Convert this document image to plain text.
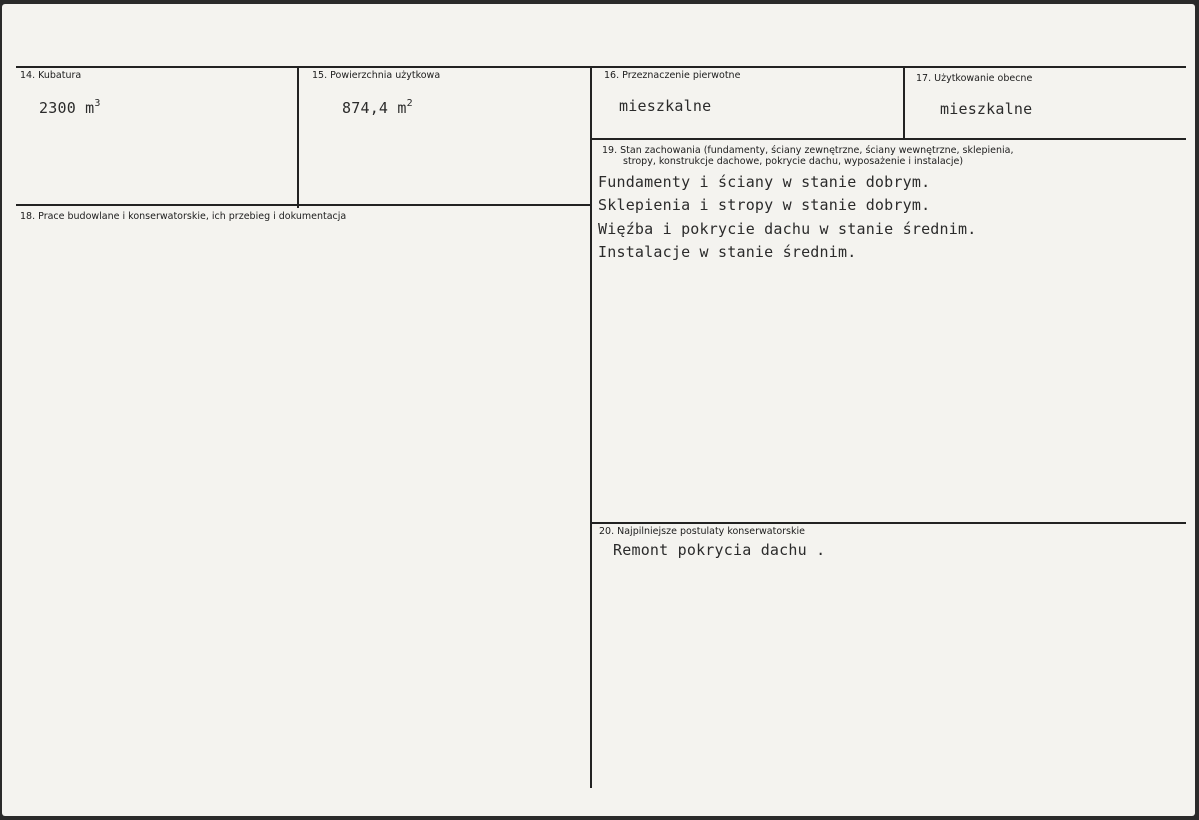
14. Kubatura
2300 $m^3$
15. Powierzchnia użytkowa
874,4 $m^2$
16. Przeznaczenie pierwotne
mieszkalne
17. Użytkowanie obecne
mieszkalne
18. Prace budowlane i konserwatorskie, ich przebieg i dokumentacja
19. Stan zachowania (fundamenty, ściany zewnętrzne, ściany wewnętrzne, sklepienia,
stropy, konstrukcje dachowe, pokrycie dachu, wyposażenie i instalacje)
Fundamenty i ściany w stanie dobrym.
Sklepienia i stropy w stanie dobrym.
Więźba i pokrycie dachu w stanie średnim.
Instalacje w stanie średnim.
20. Najpilniejsze postulaty konserwatorskie
Remont pokrycia dachu .
